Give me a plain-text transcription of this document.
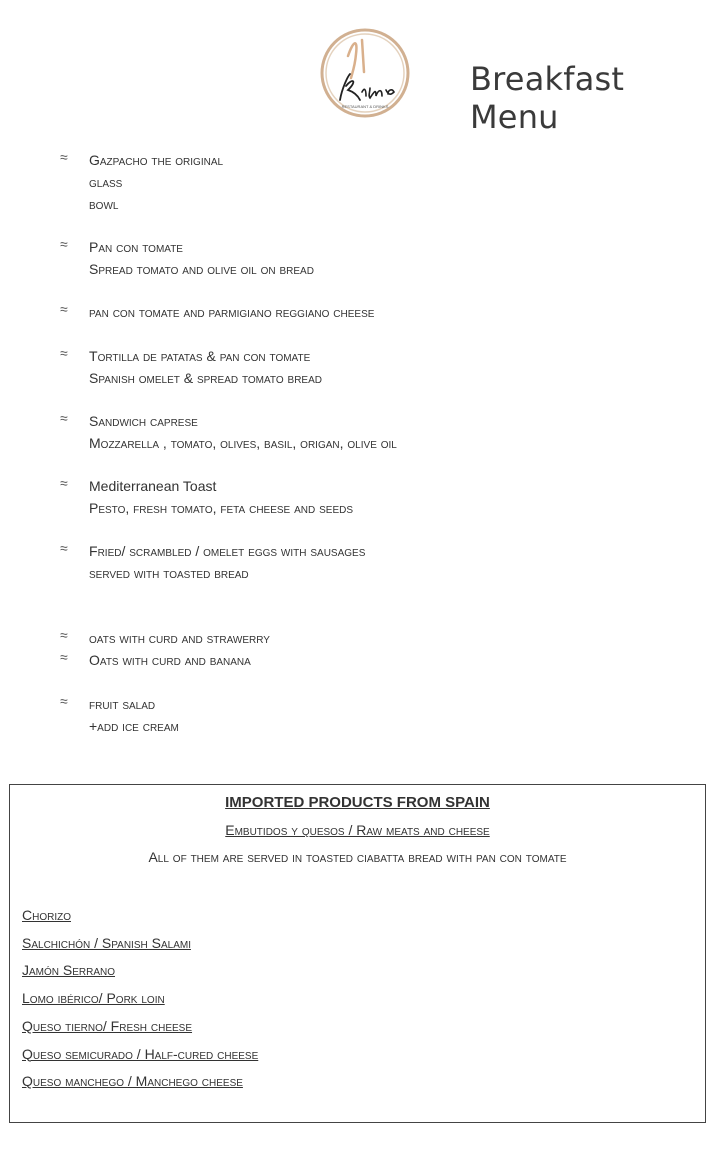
RESTAURANT & DRINKS
Breakfast Menu
≈ gazpacho the original
glass
bowl
≈ pan con tomate
Spread tomato and olive oil on bread
≈ pan con tomate and parmigiano reggiano cheese
≈ tortilla de patatas & pan con tomate
Spanish omelet & spread tomato bread
≈ sandwich caprese
Mozzarella , tomato, olives, basil, origan, olive oil
≈ Mediterranean Toast
Pesto, fresh tomato, feta cheese and seeds
≈ fried/ scrambled / omelet eggs with sausages
served with toasted bread
≈ oats with curd and strawerry
≈ oats with curd and banana
≈ fruit salad
+add ice cream
IMPORTED PRODUCTS FROM SPAIN
Embutidos y quesos / Raw meats and cheese
All of them are served in toasted ciabatta bread with pan con tomate
Chorizo
Salchichón / Spanish Salami
Jamón Serrano
Lomo ibérico/ Pork loin
Queso tierno/ Fresh cheese
Queso semicurado / Half-cured cheese
Queso manchego / Manchego cheese
